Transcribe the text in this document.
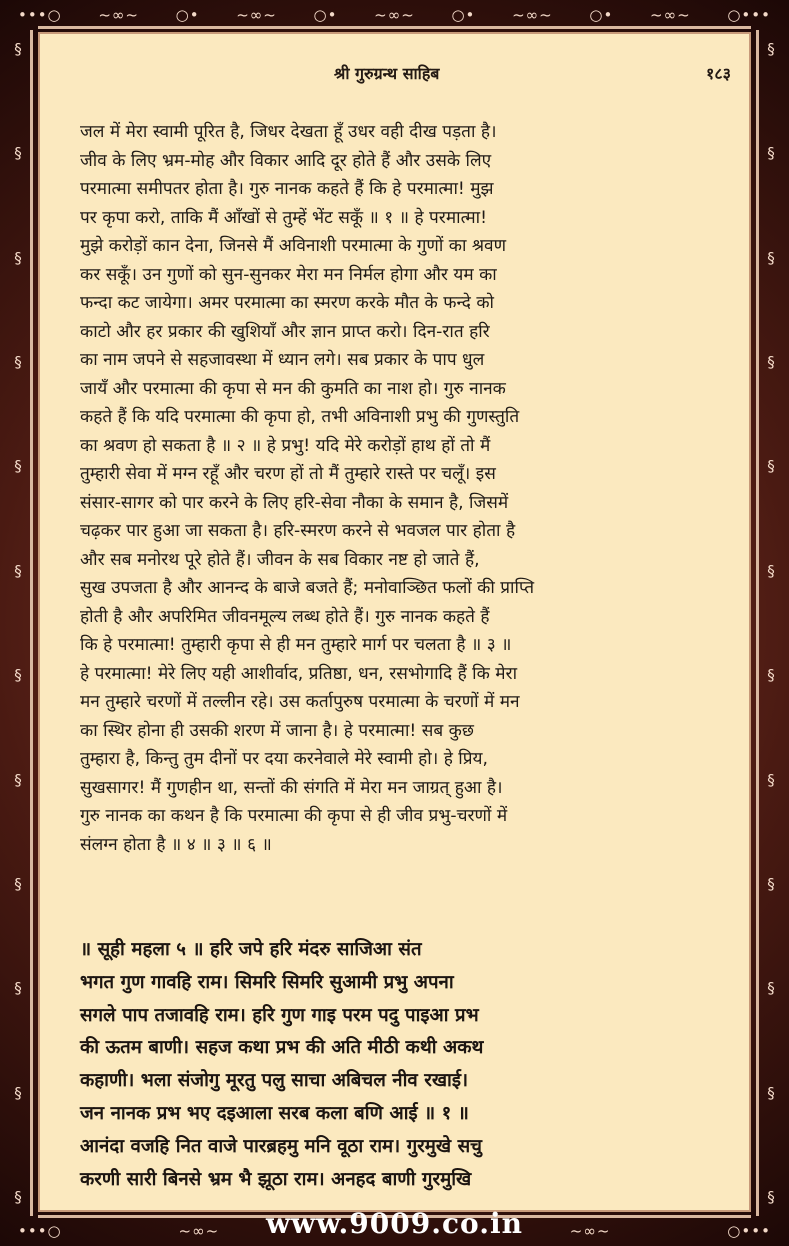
•••○ ~∞~ ○• ~∞~ ○• ~∞~ ○• ~∞~ ○• ~∞~ ○•••
§
§
§
§
§
§
§
§
§
§
§
§
§
§
§
§
§
§
§
§
§
§
§
§
श्री गुरुग्रन्थ साहिब	१८३
जल में मेरा स्वामी पूरित है, जिधर देखता हूँ उधर वही दीख पड़ता है।
जीव के लिए भ्रम-मोह और विकार आदि दूर होते हैं और उसके लिए
परमात्मा समीपतर होता है। गुरु नानक कहते हैं कि हे परमात्मा! मुझ
पर कृपा करो, ताकि मैं आँखों से तुम्हें भेंट सकूँ ॥ १ ॥ हे परमात्मा!
मुझे करोड़ों कान देना, जिनसे मैं अविनाशी परमात्मा के गुणों का श्रवण
कर सकूँ। उन गुणों को सुन-सुनकर मेरा मन निर्मल होगा और यम का
फन्दा कट जायेगा। अमर परमात्मा का स्मरण करके मौत के फन्दे को
काटो और हर प्रकार की खुशियाँ और ज्ञान प्राप्त करो। दिन-रात हरि
का नाम जपने से सहजावस्था में ध्यान लगे। सब प्रकार के पाप धुल
जायँ और परमात्मा की कृपा से मन की कुमति का नाश हो। गुरु नानक
कहते हैं कि यदि परमात्मा की कृपा हो, तभी अविनाशी प्रभु की गुणस्तुति
का श्रवण हो सकता है ॥ २ ॥ हे प्रभु! यदि मेरे करोड़ों हाथ हों तो मैं
तुम्हारी सेवा में मग्न रहूँ और चरण हों तो मैं तुम्हारे रास्ते पर चलूँ। इस
संसार-सागर को पार करने के लिए हरि-सेवा नौका के समान है, जिसमें
चढ़कर पार हुआ जा सकता है। हरि-स्मरण करने से भवजल पार होता है
और सब मनोरथ पूरे होते हैं। जीवन के सब विकार नष्ट हो जाते हैं,
सुख उपजता है और आनन्द के बाजे बजते हैं; मनोवाञ्छित फलों की प्राप्ति
होती है और अपरिमित जीवनमूल्य लब्ध होते हैं। गुरु नानक कहते हैं
कि हे परमात्मा! तुम्हारी कृपा से ही मन तुम्हारे मार्ग पर चलता है ॥ ३ ॥
हे परमात्मा! मेरे लिए यही आशीर्वाद, प्रतिष्ठा, धन, रसभोगादि हैं कि मेरा
मन तुम्हारे चरणों में तल्लीन रहे। उस कर्तापुरुष परमात्मा के चरणों में मन
का स्थिर होना ही उसकी शरण में जाना है। हे परमात्मा! सब कुछ
तुम्हारा है, किन्तु तुम दीनों पर दया करनेवाले मेरे स्वामी हो। हे प्रिय,
सुखसागर! मैं गुणहीन था, सन्तों की संगति में मेरा मन जाग्रत् हुआ है।
गुरु नानक का कथन है कि परमात्मा की कृपा से ही जीव प्रभु-चरणों में
संलग्न होता है ॥ ४ ॥ ३ ॥ ६ ॥
॥ सूही महला ५ ॥ हरि जपे हरि मंदरु साजिआ संत
भगत गुण गावहि राम। सिमरि सिमरि सुआमी प्रभु अपना
सगले पाप तजावहि राम। हरि गुण गाइ परम पदु पाइआ प्रभ
की ऊतम बाणी। सहज कथा प्रभ की अति मीठी कथी अकथ
कहाणी। भला संजोगु मूरतु पलु साचा अबिचल नीव रखाई।
जन नानक प्रभ भए दइआला सरब कला बणि आई ॥ १ ॥
आनंदा वजहि नित वाजे पारब्रहमु मनि वूठा राम। गुरमुखे सचु
करणी सारी बिनसे भ्रम भै झूठा राम। अनहद बाणी गुरमुखि
•••○	~∞~	~∞~	○•••
www.9009.co.in
